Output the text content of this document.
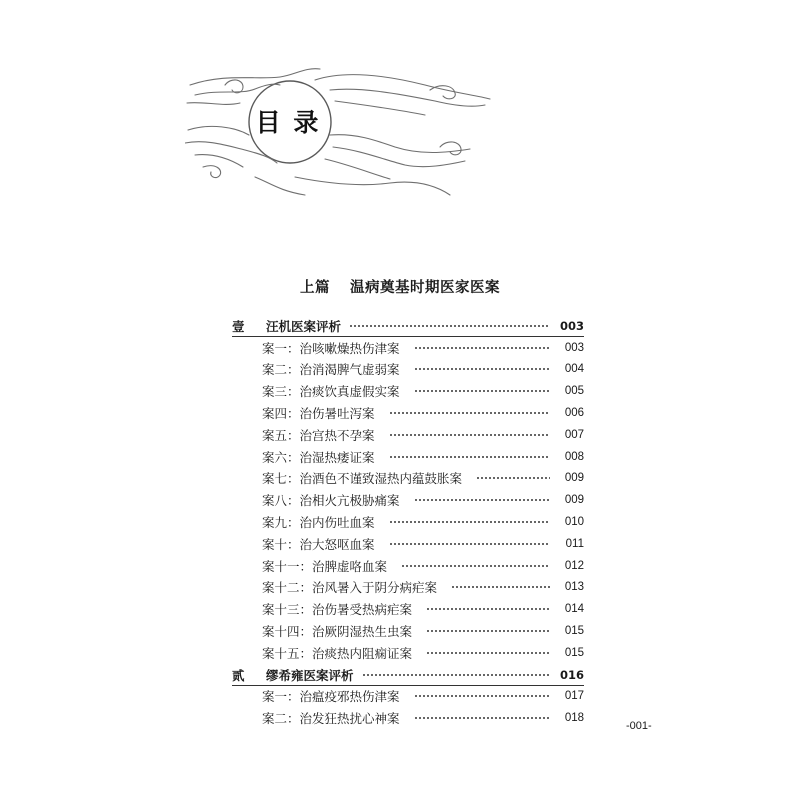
目 录
上篇 温病奠基时期医家医案
壹	汪机医案评析	003
案一：治咳嗽燥热伤津案	003
案二：治消渴脾气虚弱案	004
案三：治痰饮真虚假实案	005
案四：治伤暑吐泻案	006
案五：治宫热不孕案	007
案六：治湿热痿证案	008
案七：治酒色不谨致湿热内蕴鼓胀案	009
案八：治相火亢极胁痛案	009
案九：治内伤吐血案	010
案十：治大怒呕血案	011
案十一：治脾虚咯血案	012
案十二：治风暑入于阴分病疟案	013
案十三：治伤暑受热病疟案	014
案十四：治厥阴湿热生虫案	015
案十五：治痰热内阻痫证案	015
贰	缪希雍医案评析	016
案一：治瘟疫邪热伤津案	017
案二：治发狂热扰心神案	018
-001-
